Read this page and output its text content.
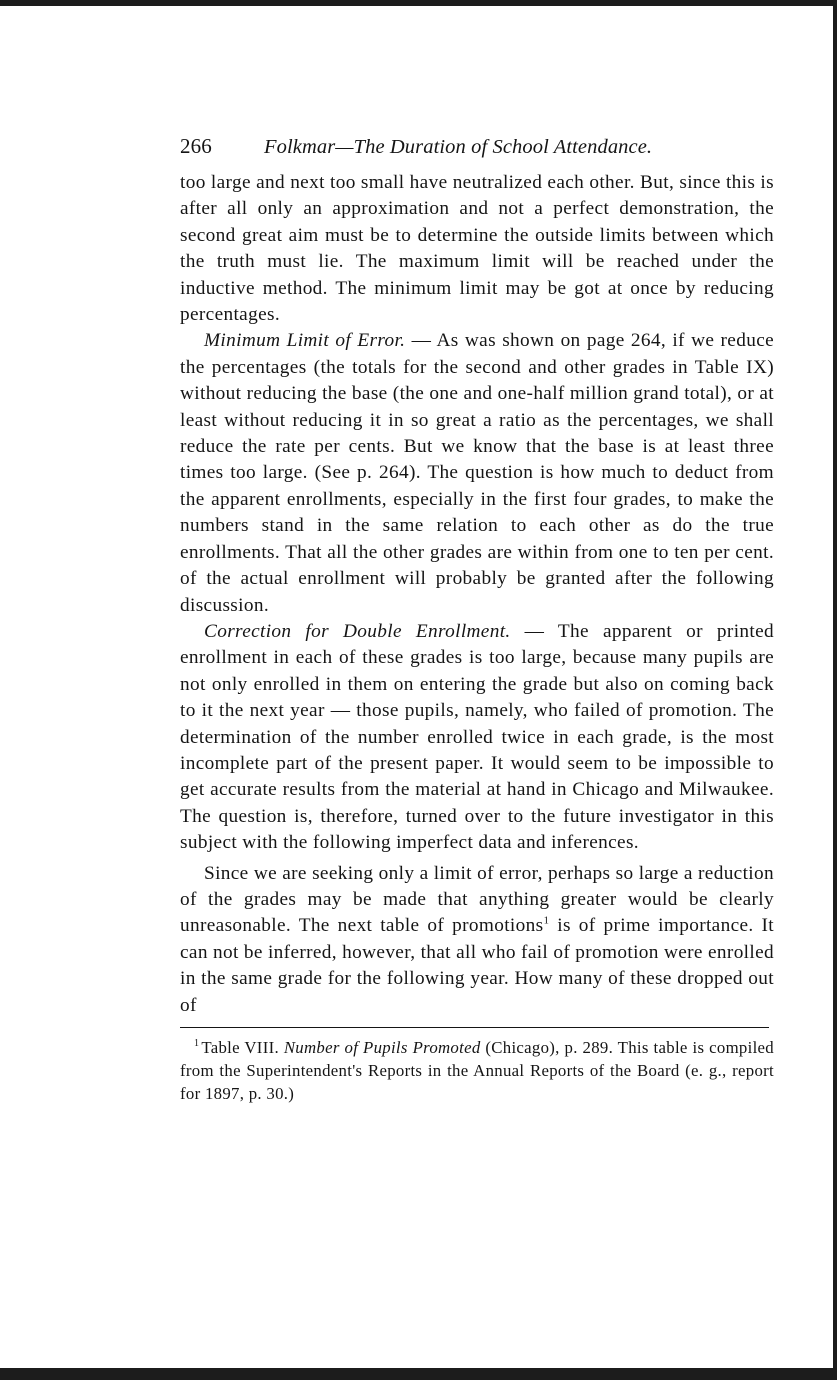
266	Folkmar—The Duration of School Attendance.

too large and next too small have neutralized each other. But, since this is after all only an approximation and not a perfect demonstration, the second great aim must be to determine the outside limits between which the truth must lie. The maximum limit will be reached under the inductive method. The minimum limit may be got at once by reducing percentages.

Minimum Limit of Error. — As was shown on page 264, if we reduce the percentages (the totals for the second and other grades in Table IX) without reducing the base (the one and one-half million grand total), or at least without reducing it in so great a ratio as the percentages, we shall reduce the rate per cents. But we know that the base is at least three times too large. (See p. 264). The question is how much to deduct from the apparent enrollments, especially in the first four grades, to make the numbers stand in the same relation to each other as do the true enrollments. That all the other grades are within from one to ten per cent. of the actual enrollment will probably be granted after the following discussion.

Correction for Double Enrollment. — The apparent or printed enrollment in each of these grades is too large, because many pupils are not only enrolled in them on entering the grade but also on coming back to it the next year — those pupils, namely, who failed of promotion. The determination of the number enrolled twice in each grade, is the most incomplete part of the present paper. It would seem to be impossible to get accurate results from the material at hand in Chicago and Milwaukee. The question is, therefore, turned over to the future investigator in this subject with the following imperfect data and inferences.

Since we are seeking only a limit of error, perhaps so large a reduction of the grades may be made that anything greater would be clearly unreasonable. The next table of promotions$^1$ is of prime importance. It can not be inferred, however, that all who fail of promotion were enrolled in the same grade for the following year. How many of these dropped out of

$^1$ Table VIII. Number of Pupils Promoted (Chicago), p. 289. This table is compiled from the Superintendent's Reports in the Annual Reports of the Board (e. g., report for 1897, p. 30.)
